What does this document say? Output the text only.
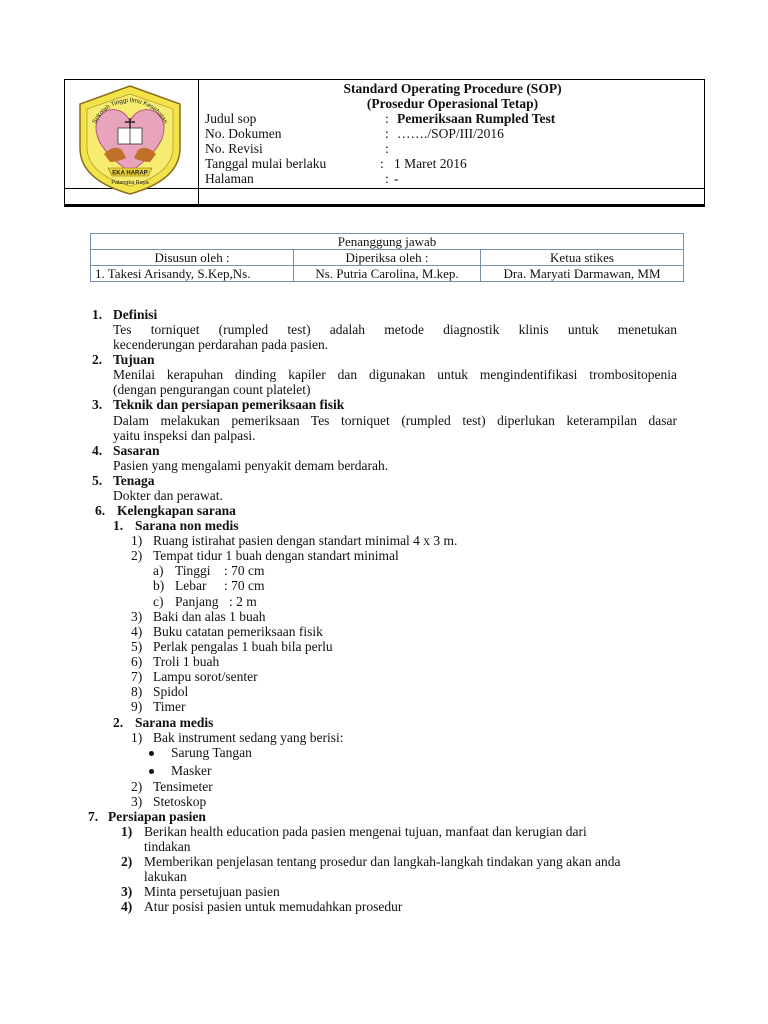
EKA HARAP
Sekolah Tinggi Ilmu Kesehatan
Palangka Raya
Standard Operating Procedure (SOP)
(Prosedur Operasional Tetap)
Judul sop	: Pemeriksaan Rumpled Test
No. Dokumen	: ……./SOP/III/2016
No. Revisi	:
Tanggal mulai berlaku	: 1 Maret 2016
Halaman	: -
Penanggung jawab		
Disusun oleh :	Diperiksa oleh :	Ketua stikes
1. Takesi Arisandy, S.Kep,Ns.	Ns. Putria Carolina, M.kep.	Dra. Maryati Darmawan, MM
1. Definisi
Tes torniquet (rumpled test) adalah metode diagnostik klinis untuk menetukan
kecenderungan perdarahan pada pasien.
2. Tujuan
Menilai kerapuhan dinding kapiler dan digunakan untuk mengindentifikasi trombositopenia
(dengan pengurangan count platelet)
3. Teknik dan persiapan pemeriksaan fisik
Dalam melakukan pemeriksaan Tes torniquet (rumpled test) diperlukan keterampilan dasar
yaitu inspeksi dan palpasi.
4. Sasaran
Pasien yang mengalami penyakit demam berdarah.
5. Tenaga
Dokter dan perawat.
6. Kelengkapan sarana
1. Sarana non medis
1) Ruang istirahat pasien dengan standart minimal 4 x 3 m.
2) Tempat tidur 1 buah dengan standart minimal
a) Tinggi : 70 cm
b) Lebar : 70 cm
c) Panjang : 2 m
3) Baki dan alas 1 buah
4) Buku catatan pemeriksaan fisik
5) Perlak pengalas 1 buah bila perlu
6) Troli 1 buah
7) Lampu sorot/senter
8) Spidol
9) Timer
2. Sarana medis
1) Bak instrument sedang yang berisi:
Sarung Tangan
Masker
2) Tensimeter
3) Stetoskop
7. Persiapan pasien
1) Berikan health education pada pasien mengenai tujuan, manfaat dan kerugian dari
tindakan
2) Memberikan penjelasan tentang prosedur dan langkah-langkah tindakan yang akan anda
lakukan
3) Minta persetujuan pasien
4) Atur posisi pasien untuk memudahkan prosedur
